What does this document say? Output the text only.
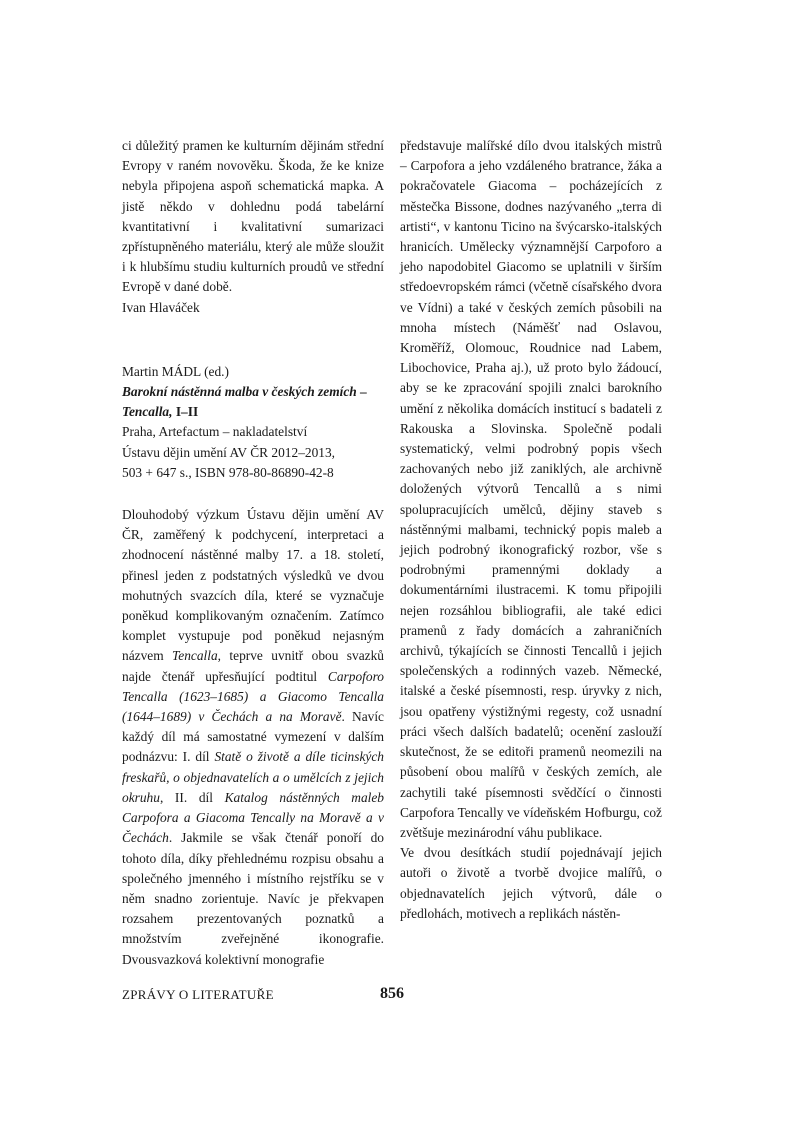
ci důležitý pramen ke kulturním dějinám střední Evropy v raném novověku. Škoda, že ke knize nebyla připojena aspoň schematická mapka. A jistě někdo v dohlednu podá tabelární kvantitativní i kvalitativní sumarizaci zpřístupněného materiálu, který ale může sloužit i k hlubšímu studiu kulturních proudů ve střední Evropě v dané době.

Ivan Hlaváček

Martin MÁDL (ed.)
Barokní nástěnná malba v českých zemích – Tencalla, I–II
Praha, Artefactum – nakladatelství
Ústavu dějin umění AV ČR 2012–2013,
503 + 647 s., ISBN 978-80-86890-42-8

Dlouhodobý výzkum Ústavu dějin umění AV ČR, zaměřený k podchycení, interpretaci a zhodnocení nástěnné malby 17. a 18. století, přinesl jeden z podstatných výsledků ve dvou mohutných svazcích díla, které se vyznačuje poněkud komplikovaným označením. Zatímco komplet vystupuje pod poněkud nejasným názvem Tencalla, teprve uvnitř obou svazků najde čtenář upřesňující podtitul Carpoforo Tencalla (1623–1685) a Giacomo Tencalla (1644–1689) v Čechách a na Moravě. Navíc každý díl má samostatné vymezení v dalším podnázvu: I. díl Statě o životě a díle ticinských freskařů, o objednavatelích a o umělcích z jejich okruhu, II. díl Katalog nástěnných maleb Carpofora a Giacoma Tencally na Moravě a v Čechách. Jakmile se však čtenář ponoří do tohoto díla, díky přehlednému rozpisu obsahu a společného jmenného i místního rejstříku se v něm snadno zorientuje. Navíc je překvapen rozsahem prezentovaných poznatků a množstvím zveřejněné ikonografie. Dvousvazková kolektivní monografie

představuje malířské dílo dvou italských mistrů – Carpofora a jeho vzdáleného bratrance, žáka a pokračovatele Giacoma – pocházejících z městečka Bissone, dodnes nazývaného „terra di artisti“, v kantonu Ticino na švýcarsko-italských hranicích. Umělecky významnější Carpoforo a jeho napodobitel Giacomo se uplatnili v širším středoevropském rámci (včetně císařského dvora ve Vídni) a také v českých zemích působili na mnoha místech (Náměšť nad Oslavou, Kroměříž, Olomouc, Roudnice nad Labem, Libochovice, Praha aj.), už proto bylo žádoucí, aby se ke zpracování spojili znalci barokního umění z několika domácích institucí s badateli z Rakouska a Slovinska. Společně podali systematický, velmi podrobný popis všech zachovaných nebo již zaniklých, ale archivně doložených výtvorů Tencallů a s nimi spolupracujících umělců, dějiny staveb s nástěnnými malbami, technický popis maleb a jejich podrobný ikonografický rozbor, vše s podrobnými pramennými doklady a dokumentárními ilustracemi. K tomu připojili nejen rozsáhlou bibliografii, ale také edici pramenů z řady domácích a zahraničních archivů, týkajících se činnosti Tencallů i jejich společenských a rodinných vazeb. Německé, italské a české písemnosti, resp. úryvky z nich, jsou opatřeny výstižnými regesty, což usnadní práci všech dalších badatelů; ocenění zaslouží skutečnost, že se editoři pramenů neomezili na působení obou malířů v českých zemích, ale zachytili také písemnosti svědčící o činnosti Carpofora Tencally ve vídeňském Hofburgu, což zvětšuje mezinárodní váhu publikace.

Ve dvou desítkách studií pojednávají jejich autoři o životě a tvorbě dvojice malířů, o objednavatelích jejich výtvorů, dále o předlohách, motivech a replikách nástěn-

ZPRÁVY O LITERATUŘE	856
